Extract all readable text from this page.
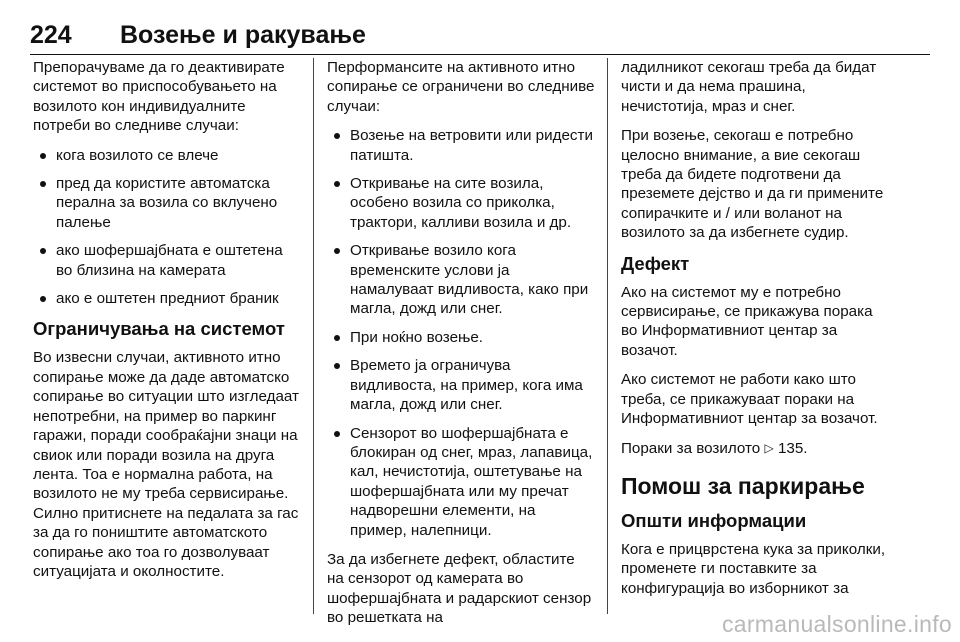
224	Возење и ракување

Препорачуваме да го деактивирате системот во приспособувањето на возилото кон индивидуалните потреби во следниве случаи:

кога возилото се влече
пред да користите автоматска перална за возила со вклучено палење
ако шофершајбната е оштетена во близина на камерата
ако е оштетен предниот браник
Ограничувања на системот

Во извесни случаи, активното итно сопирање може да даде автоматско сопирање во ситуации што изгледаат непотребни, на пример во паркинг гаражи, поради сообраќајни знаци на свиок или поради возила на друга лента. Тоа е нормална работа, на возилото не му треба сервисирање. Силно притиснете на педалата за гас за да го поништите автоматското сопирање ако тоа го дозволуваат ситуацијата и околностите.

Перформансите на активното итно сопирање се ограничени во следниве случаи:

Возење на ветровити или ридести патишта.
Откривање на сите возила, особено возила со приколка, трактори, калливи возила и др.
Откривање возило кога временските услови ја намалуваат видливоста, како при магла, дожд или снег.
При ноќно возење.
Времето ја ограничува видливоста, на пример, кога има магла, дожд или снег.
Сензорот во шофершајбната е блокиран од снег, мраз, лапавица, кал, нечистотија, оштетување на шофершајбната или му пречат надворешни елементи, на пример, налепници.

За да избегнете дефект, областите на сензорот од камерата во шофершајбната и радарскиот сензор во решетката на

ладилникот секогаш треба да бидат чисти и да нема прашина, нечистотија, мраз и снег.

При возење, секогаш е потребно целосно внимание, а вие секогаш треба да бидете подготвени да преземете дејство и да ги примените сопирачките и / или воланот на возилото за да избегнете судир.

Дефект

Ако на системот му е потребно сервисирање, се прикажува порака во Информативниот центар за возачот.

Ако системот не работи како што треба, се прикажуваат пораки на Информативниот центар за возачот.

Пораки за возилото ▷ 135.

Помош за паркирање
Општи информации

Кога е прицврстена кука за приколки, променете ги поставките за конфигурација во изборникот за

carmanualsonline.info
